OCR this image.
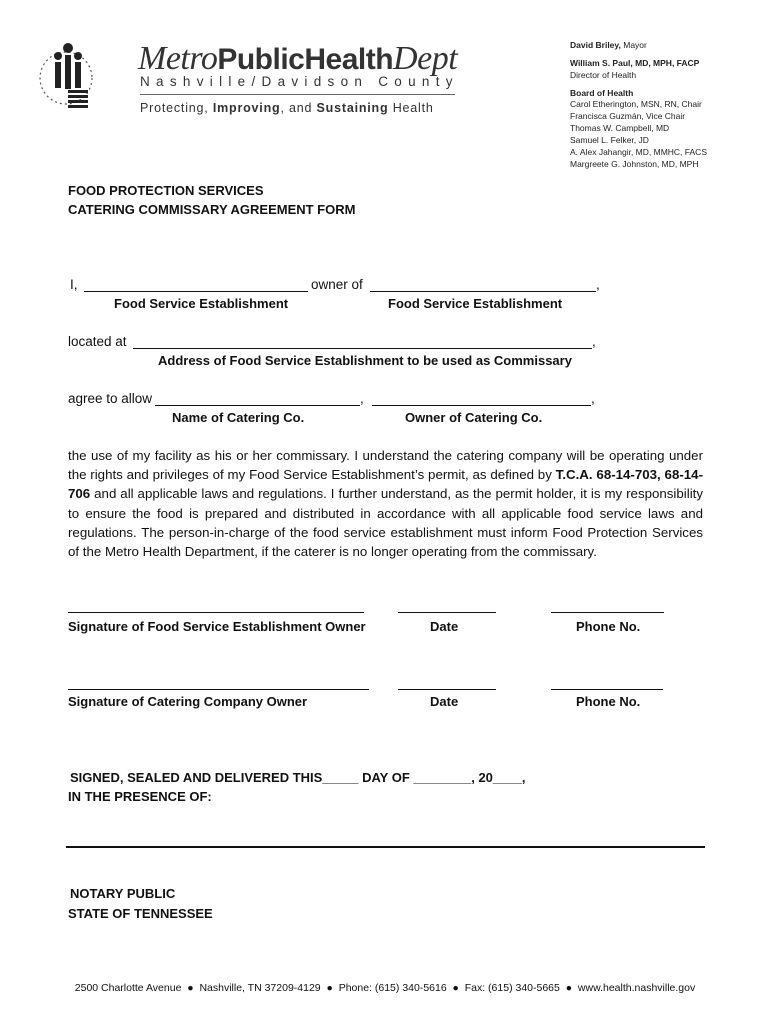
MetroPublicHealthDept
Nashville/Davidson County
Protecting, Improving, and Sustaining Health
David Briley, Mayor
William S. Paul, MD, MPH, FACP
Director of Health
Board of Health
Carol Etherington, MSN, RN, Chair
Francisca Guzmán, Vice Chair
Thomas W. Campbell, MD
Samuel L. Felker, JD
A. Alex Jahangir, MD, MMHC, FACS
Margreete G. Johnston, MD, MPH
FOOD PROTECTION SERVICES
CATERING COMMISSARY AGREEMENT FORM
I,	owner of	,
Food Service Establishment	Food Service Establishment
located at	,
Address of Food Service Establishment to be used as Commissary
agree to allow	,	,
Name of Catering Co.	Owner of Catering Co.
the use of my facility as his or her commissary. I understand the catering company will be operating under the rights and privileges of my Food Service Establishment’s permit, as defined by T.C.A. 68-14-703, 68-14-706 and all applicable laws and regulations. I further understand, as the permit holder, it is my responsibility to ensure the food is prepared and distributed in accordance with all applicable food service laws and regulations. The person-in-charge of the food service establishment must inform Food Protection Services of the Metro Health Department, if the caterer is no longer operating from the commissary.
Signature of Food Service Establishment Owner	Date	Phone No.
Signature of Catering Company Owner	Date	Phone No.
SIGNED, SEALED AND DELIVERED THIS_____ DAY OF ________, 20____,
IN THE PRESENCE OF:
NOTARY PUBLIC
STATE OF TENNESSEE
2500 Charlotte Avenue ● Nashville, TN 37209-4129 ● Phone: (615) 340-5616 ● Fax: (615) 340-5665 ● www.health.nashville.gov
